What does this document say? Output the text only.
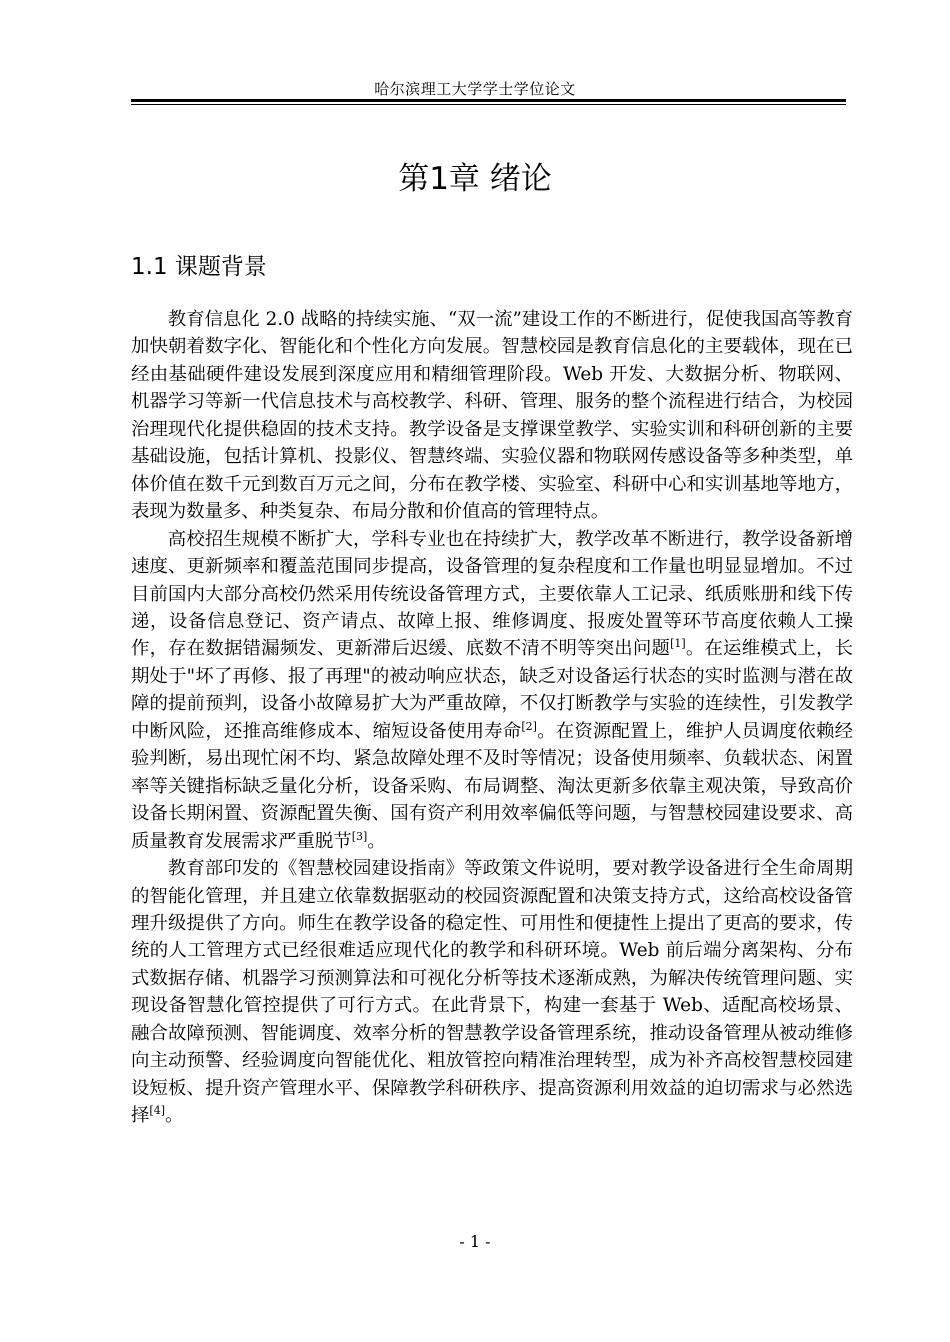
哈尔滨理工大学学士学位论文
第1章 绪论
1.1 课题背景

教育信息化 2.0 战略的持续实施、“双一流”建设工作的不断进行，促使我国高等教育加快朝着数字化、智能化和个性化方向发展。智慧校园是教育信息化的主要载体，现在已经由基础硬件建设发展到深度应用和精细管理阶段。Web 开发、大数据分析、物联网、机器学习等新一代信息技术与高校教学、科研、管理、服务的整个流程进行结合，为校园治理现代化提供稳固的技术支持。教学设备是支撑课堂教学、实验实训和科研创新的主要基础设施，包括计算机、投影仪、智慧终端、实验仪器和物联网传感设备等多种类型，单体价值在数千元到数百万元之间，分布在教学楼、实验室、科研中心和实训基地等地方，表现为数量多、种类复杂、布局分散和价值高的管理特点。

高校招生规模不断扩大，学科专业也在持续扩大，教学改革不断进行，教学设备新增速度、更新频率和覆盖范围同步提高，设备管理的复杂程度和工作量也明显显增加。不过目前国内大部分高校仍然采用传统设备管理方式，主要依靠人工记录、纸质账册和线下传递，设备信息登记、资产请点、故障上报、维修调度、报废处置等环节高度依赖人工操作，存在数据错漏频发、更新滞后迟缓、底数不清不明等突出问题[1]。在运维模式上，长期处于"坏了再修、报了再理"的被动响应状态，缺乏对设备运行状态的实时监测与潜在故障的提前预判，设备小故障易扩大为严重故障，不仅打断教学与实验的连续性，引发教学中断风险，还推高维修成本、缩短设备使用寿命[2]。在资源配置上，维护人员调度依赖经验判断，易出现忙闲不均、紧急故障处理不及时等情况；设备使用频率、负载状态、闲置率等关键指标缺乏量化分析，设备采购、布局调整、淘汰更新多依靠主观决策，导致高价设备长期闲置、资源配置失衡、国有资产利用效率偏低等问题，与智慧校园建设要求、高质量教育发展需求严重脱节[3]。

教育部印发的《智慧校园建设指南》等政策文件说明，要对教学设备进行全生命周期的智能化管理，并且建立依靠数据驱动的校园资源配置和决策支持方式，这给高校设备管理升级提供了方向。师生在教学设备的稳定性、可用性和便捷性上提出了更高的要求，传统的人工管理方式已经很难适应现代化的教学和科研环境。Web 前后端分离架构、分布式数据存储、机器学习预测算法和可视化分析等技术逐渐成熟，为解决传统管理问题、实现设备智慧化管控提供了可行方式。在此背景下，构建一套基于 Web、适配高校场景、融合故障预测、智能调度、效率分析的智慧教学设备管理系统，推动设备管理从被动维修向主动预警、经验调度向智能优化、粗放管控向精准治理转型，成为补齐高校智慧校园建设短板、提升资产管理水平、保障教学科研秩序、提高资源利用效益的迫切需求与必然选择[4]。

- 1 -
